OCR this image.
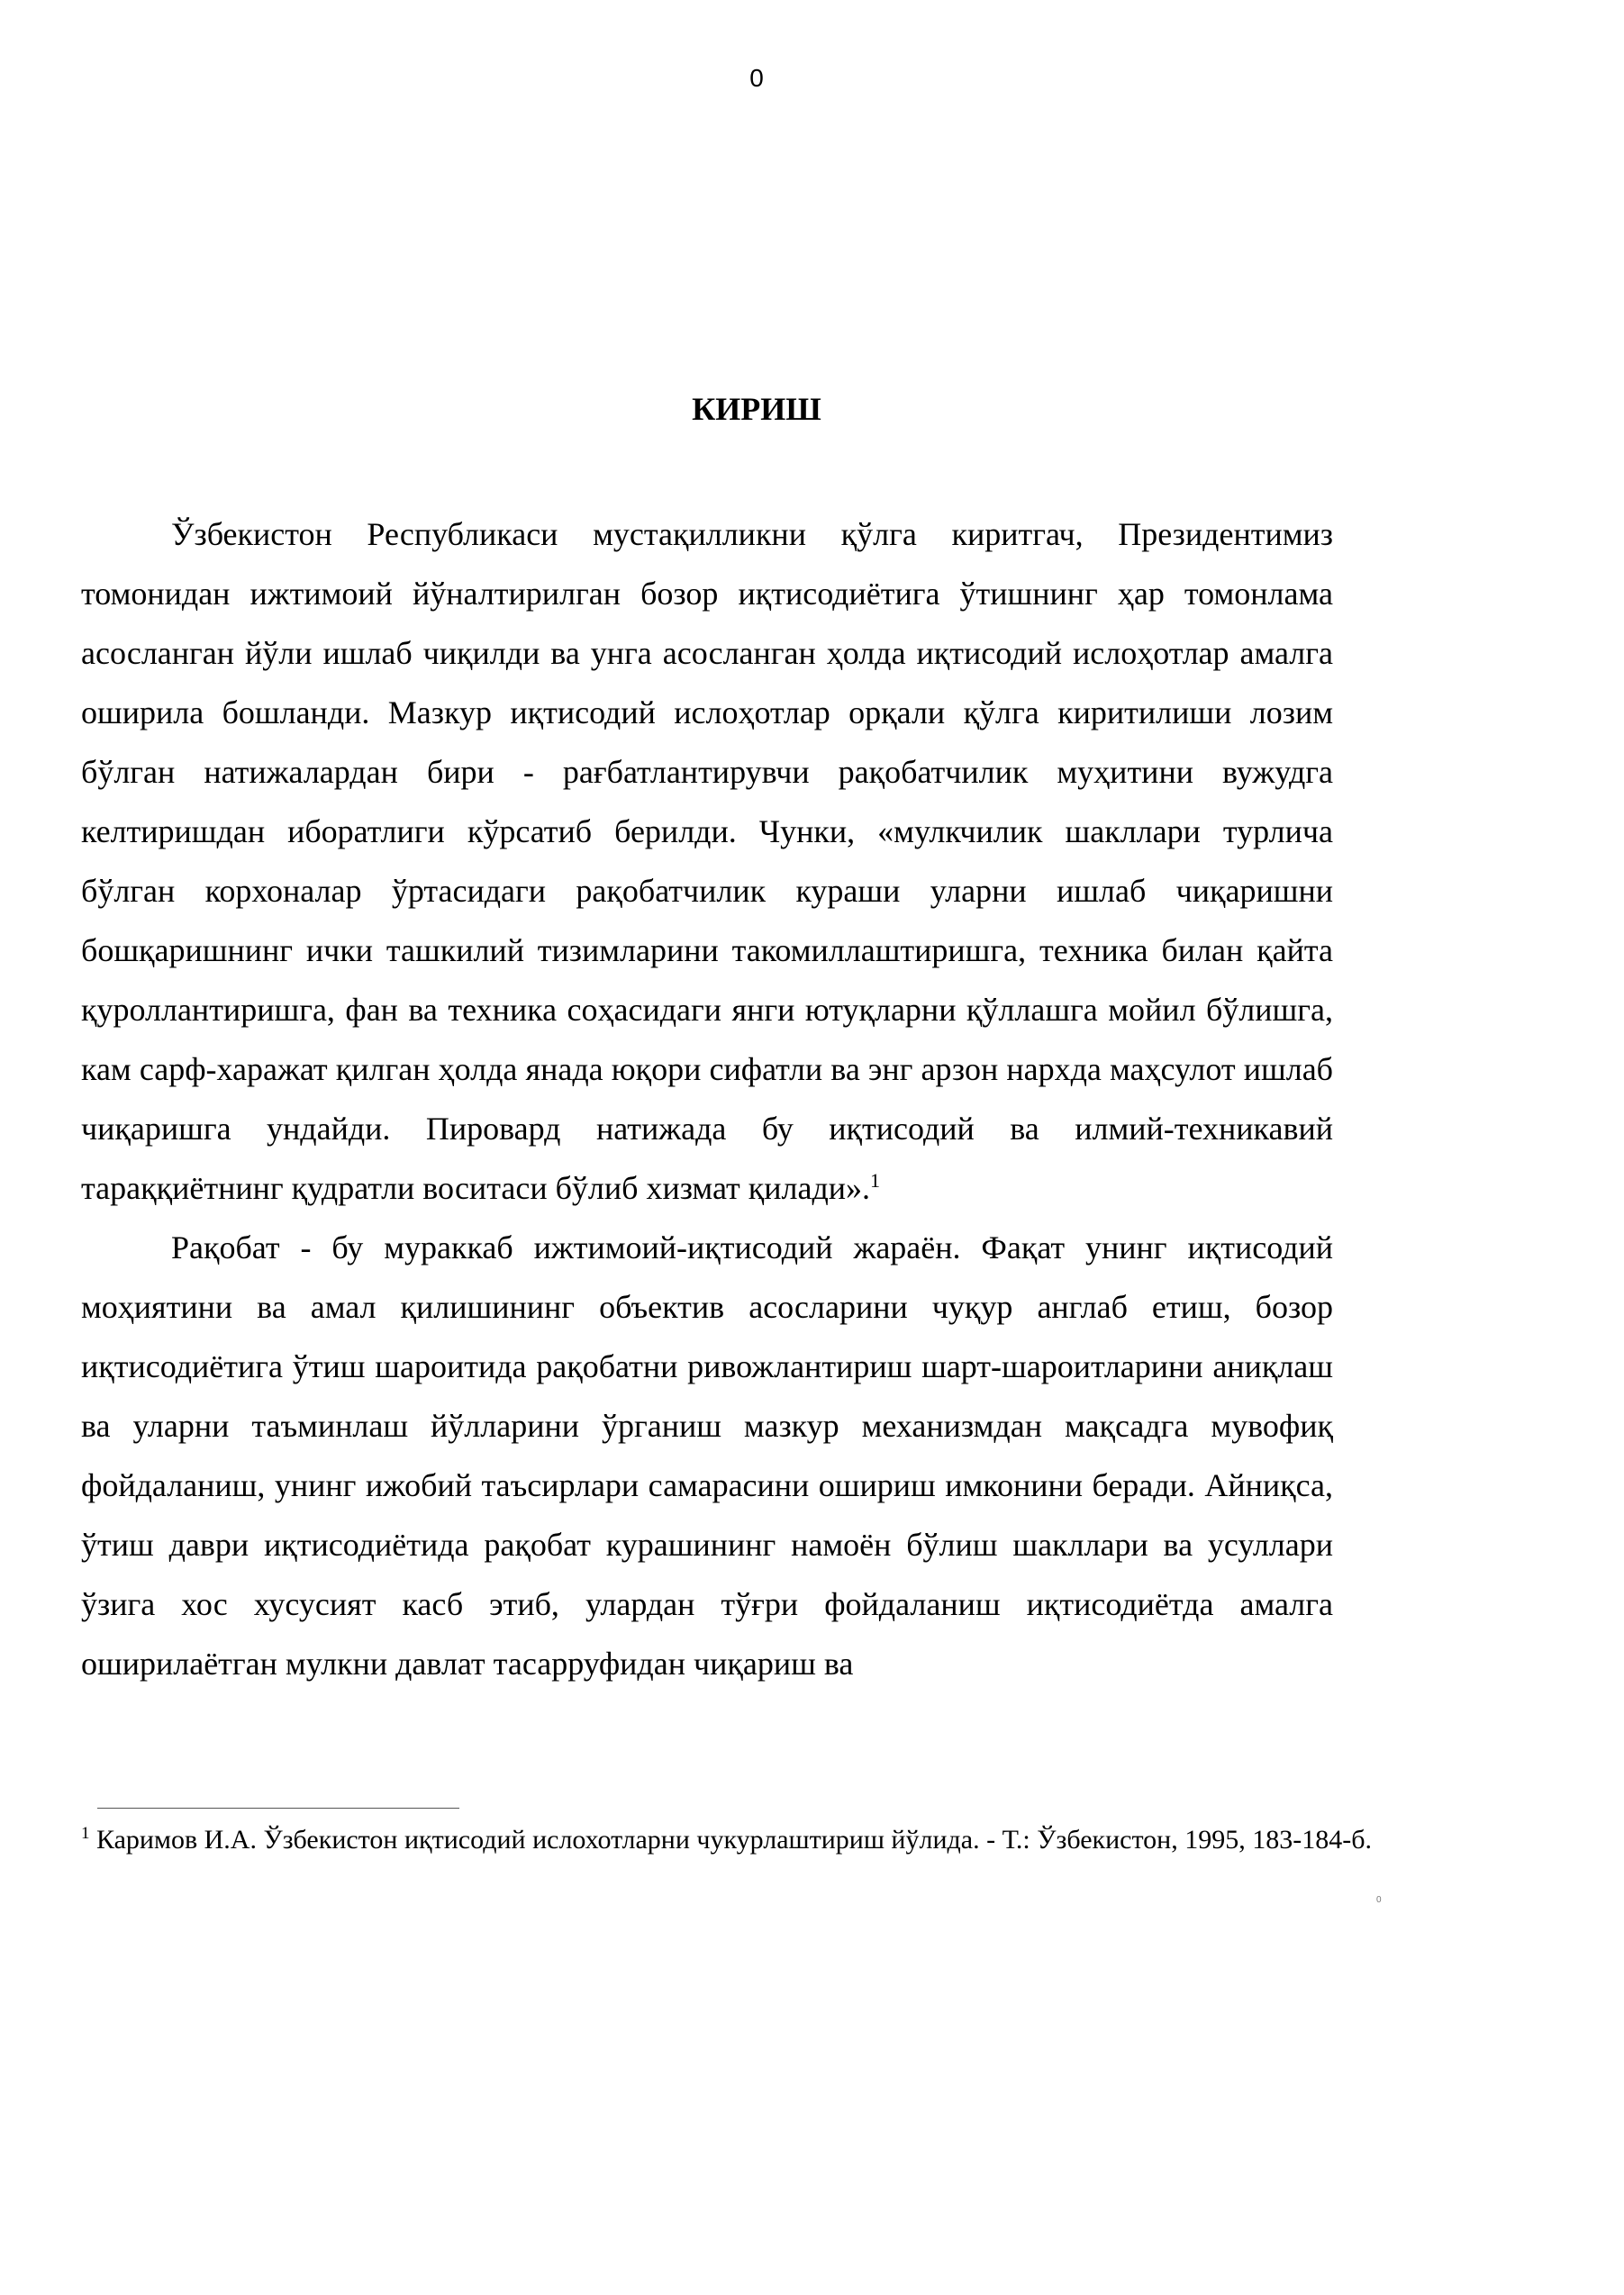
0
КИРИШ

Ўзбекистон Республикаси мустақилликни қўлга киритгач, Президентимиз томонидан ижтимоий йўналтирилган бозор иқтисодиётига ўтишнинг ҳар томонлама асосланган йўли ишлаб чиқилди ва унга асосланган ҳолда иқтисодий ислоҳотлар амалга оширила бошланди. Мазкур иқтисодий ислоҳотлар орқали қўлга киритилиши лозим бўлган натижалардан бири - рағбатлантирувчи рақобатчилик муҳитини вужудга келтиришдан иборатлиги кўрсатиб берилди. Чунки, «мулкчилик шакллари турлича бўлган корхоналар ўртасидаги рақобатчилик кураши уларни ишлаб чиқаришни бошқаришнинг ички ташкилий тизимларини такомиллаштиришга, техника билан қайта қуроллантиришга, фан ва техника соҳасидаги янги ютуқларни қўллашга мойил бўлишга, кам сарф-харажат қилган ҳолда янада юқори сифатли ва энг арзон нархда маҳсулот ишлаб чиқаришга ундайди. Пировард натижада бу иқтисодий ва илмий-техникавий тараққиётнинг қудратли воситаси бўлиб хизмат қилади».$^1$

Рақобат - бу мураккаб ижтимоий-иқтисодий жараён. Фақат унинг иқтисодий моҳиятини ва амал қилишининг объектив асосларини чуқур англаб етиш, бозор иқтисодиётига ўтиш шароитида рақобатни ривожлантириш шарт-шароитларини аниқлаш ва уларни таъминлаш йўлларини ўрганиш мазкур механизмдан мақсадга мувофиқ фойдаланиш, унинг ижобий таъсирлари самарасини ошириш имконини беради. Айниқса, ўтиш даври иқтисодиётида рақобат курашининг намоён бўлиш шакллари ва усуллари ўзига хос хусусият касб этиб, улардан тўғри фойдаланиш иқтисодиётда амалга оширилаётган мулкни давлат тасарруфидан чиқариш ва

$^1$ Каримов И.А. Ўзбекистон иқтисодий ислохотларни чукурлаштириш йўлида. - Т.: Ўзбекистон, 1995, 183-184-б.
0
